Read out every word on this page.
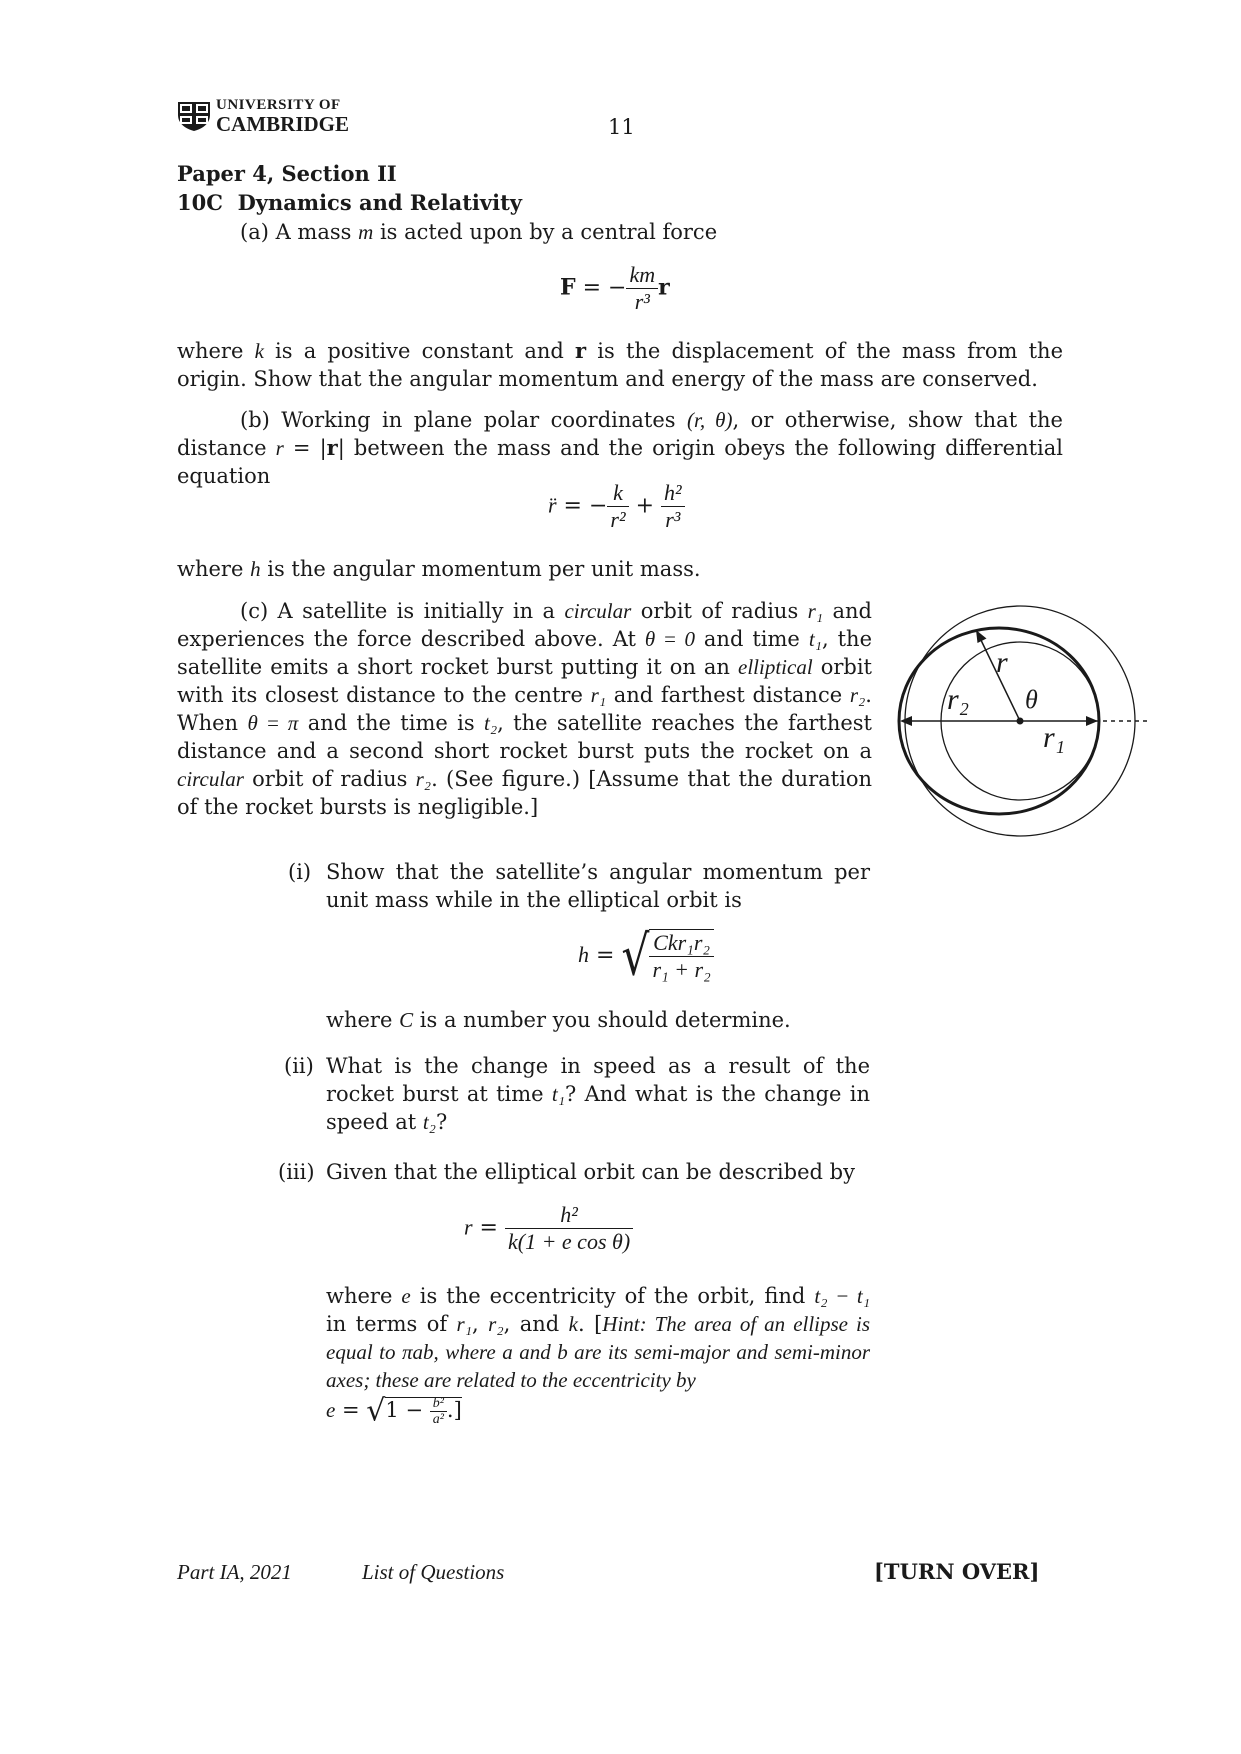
UNIVERSITY OF
CAMBRIDGE	11
Paper 4, Section II
10C Dynamics and Relativity
(a) A mass m is acted upon by a central force
F = − $\frac{km}{\text{r³}}$ r
where k is a positive constant and r is the displacement of the mass from the origin. Show that the angular momentum and energy of the mass are conserved.
(b) Working in plane polar coordinates (r, θ), or otherwise, show that the distance r = |r| between the mass and the origin obeys the following differential equation
r̈ = − $\frac{k}{\text{r²}} + \frac{\text{h²}}{\text{r³}}$
where h is the angular momentum per unit mass.
(c) A satellite is initially in a circular orbit of radius r₁ and experiences the force described above. At θ = 0 and time t₁, the satellite emits a short rocket burst putting it on an elliptical orbit with its closest distance to the centre r₁ and farthest distance r₂. When θ = π and the time is t₂, the satellite reaches the farthest distance and a second short rocket burst puts the rocket on a circular orbit of radius r₂. (See figure.) [Assume that the duration of the rocket bursts is negligible.]
r
r₂ θ
r₁
(i) Show that the satellite’s angular momentum per unit mass while in the elliptical orbit is
h = √ $\frac{\text{Ckr₁r₂}}{\text{r₁ + r₂}}$
where C is a number you should determine.
(ii) What is the change in speed as a result of the rocket burst at time t₁? And what is the change in speed at t₂?
(iii) Given that the elliptical orbit can be described by
$r = \frac{\text{h²}}{\text{k(1 + e cos θ)}}$
where e is the eccentricity of the orbit, find t₂ − t₁ in terms of r₁, r₂, and k. [Hint: The area of an ellipse is equal to πab, where a and b are its semi-major and semi-minor axes; these are related to the eccentricity by
$e = √1 - \frac{\text{b²}}{\text{a²}}$ .]
Part IA, 2021	List of Questions	[TURN OVER]
